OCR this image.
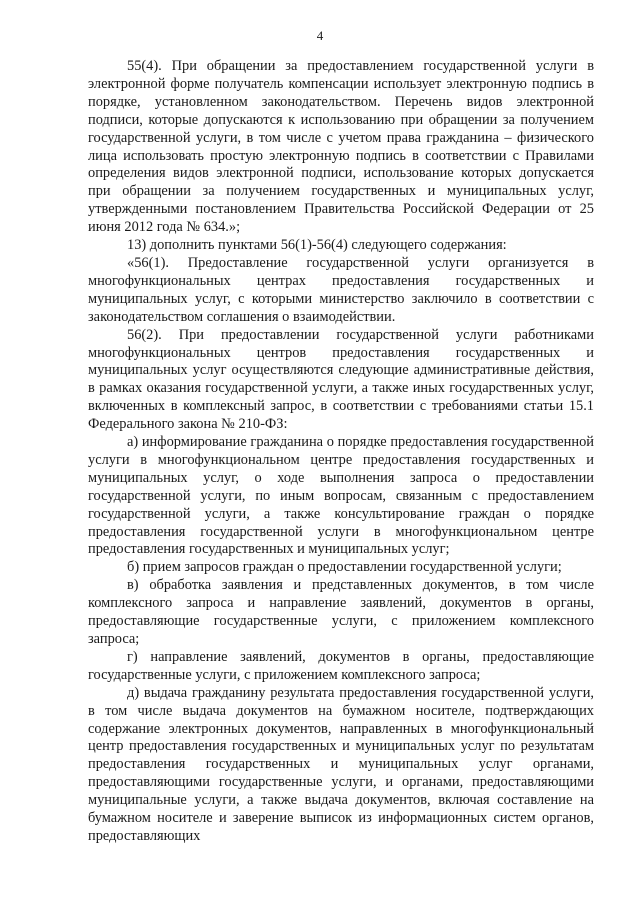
4

55(4). При обращении за предоставлением государственной услуги в электронной форме получатель компенсации использует электронную подпись в порядке, установленном законодательством. Перечень видов электронной подписи, которые допускаются к использованию при обращении за получением государственной услуги, в том числе с учетом права гражданина – физического лица использовать простую электронную подпись в соответствии с Правилами определения видов электронной подписи, использование которых допускается при обращении за получением государственных и муниципальных услуг, утвержденными постановлением Правительства Российской Федерации от 25 июня 2012 года № 634.»;

13) дополнить пунктами 56(1)-56(4) следующего содержания:

«56(1). Предоставление государственной услуги организуется в многофункциональных центрах предоставления государственных и муниципальных услуг, с которыми министерство заключило в соответствии с законодательством соглашения о взаимодействии.

56(2). При предоставлении государственной услуги работниками многофункциональных центров предоставления государственных и муниципальных услуг осуществляются следующие административные действия, в рамках оказания государственной услуги, а также иных государственных услуг, включенных в комплексный запрос, в соответствии с требованиями статьи 15.1 Федерального закона № 210-ФЗ:

а) информирование гражданина о порядке предоставления государственной услуги в многофункциональном центре предоставления государственных и муниципальных услуг, о ходе выполнения запроса о предоставлении государственной услуги, по иным вопросам, связанным с предоставлением государственной услуги, а также консультирование граждан о порядке предоставления государственной услуги в многофункциональном центре предоставления государственных и муниципальных услуг;

б) прием запросов граждан о предоставлении государственной услуги;

в) обработка заявления и представленных документов, в том числе комплексного запроса и направление заявлений, документов в органы, предоставляющие государственные услуги, с приложением комплексного запроса;

г) направление заявлений, документов в органы, предоставляющие государственные услуги, с приложением комплексного запроса;

д) выдача гражданину результата предоставления государственной услуги, в том числе выдача документов на бумажном носителе, подтверждающих содержание электронных документов, направленных в многофункциональный центр предоставления государственных и муниципальных услуг по результатам предоставления государственных и муниципальных услуг органами, предоставляющими государственные услуги, и органами, предоставляющими муниципальные услуги, а также выдача документов, включая составление на бумажном носителе и заверение выписок из информационных систем органов, предоставляющих
